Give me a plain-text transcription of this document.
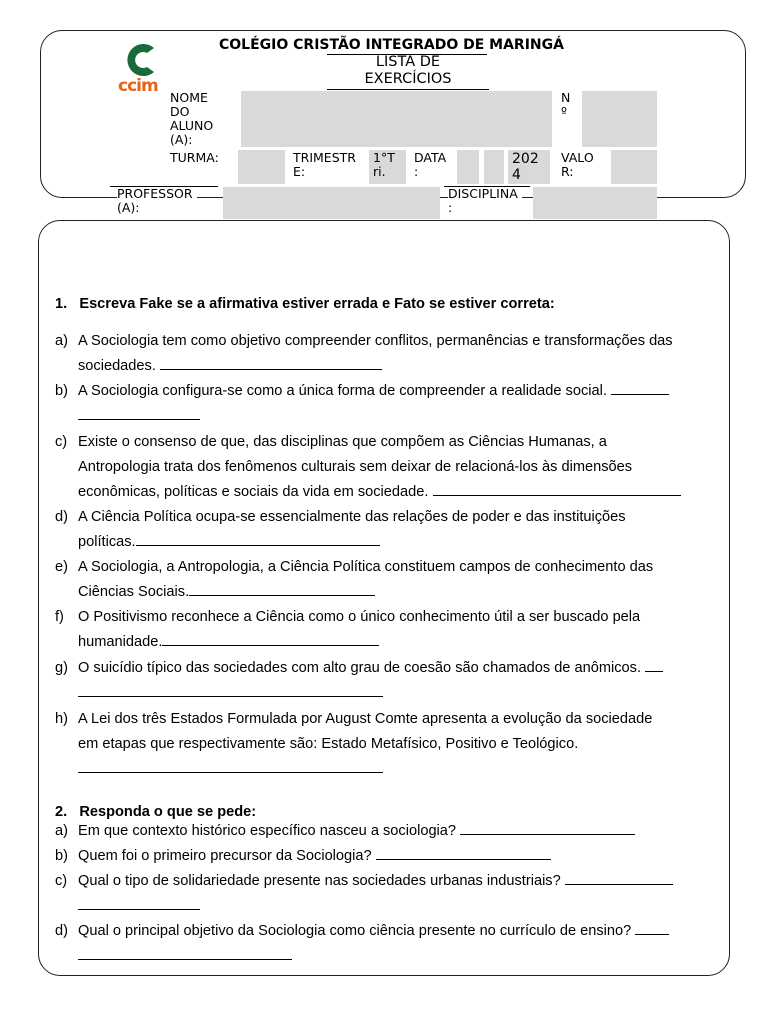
ccim
COLÉGIO CRISTÃO INTEGRADO DE MARINGÁ
LISTA DE
EXERCÍCIOS
NOME
DO
ALUNO
(A):
N
º
TURMA:	TRIMESTR
E:
1°T
ri.
DATA
:
202
4
VALO
R:
PROFESSOR
(A):
DISCIPLINA
:
1.   Escreva Fake se a afirmativa estiver errada e Fato se estiver correta:
a) A Sociologia tem como objetivo compreender conflitos, permanências e transformações das
sociedades.
b) A Sociologia configura-se como a única forma de compreender a realidade social.
c) Existe o consenso de que, das disciplinas que compõem as Ciências Humanas, a
Antropologia trata dos fenômenos culturais sem deixar de relacioná-los às dimensões
econômicas, políticas e sociais da vida em sociedade.
d) A Ciência Política ocupa-se essencialmente das relações de poder e das instituições
políticas.
e) A Sociologia, a Antropologia, a Ciência Política constituem campos de conhecimento das
Ciências Sociais.
f) O Positivismo reconhece a Ciência como o único conhecimento útil a ser buscado pela
humanidade.
g) O suicídio típico das sociedades com alto grau de coesão são chamados de anômicos.
h) A Lei dos três Estados Formulada por August Comte apresenta a evolução da sociedade
em etapas que respectivamente são: Estado Metafísico, Positivo e Teológico.
2.   Responda o que se pede:
a) Em que contexto histórico específico nasceu a sociologia?
b) Quem foi o primeiro precursor da Sociologia?
c) Qual o tipo de solidariedade presente nas sociedades urbanas industriais?
d) Qual o principal objetivo da Sociologia como ciência presente no currículo de ensino?
